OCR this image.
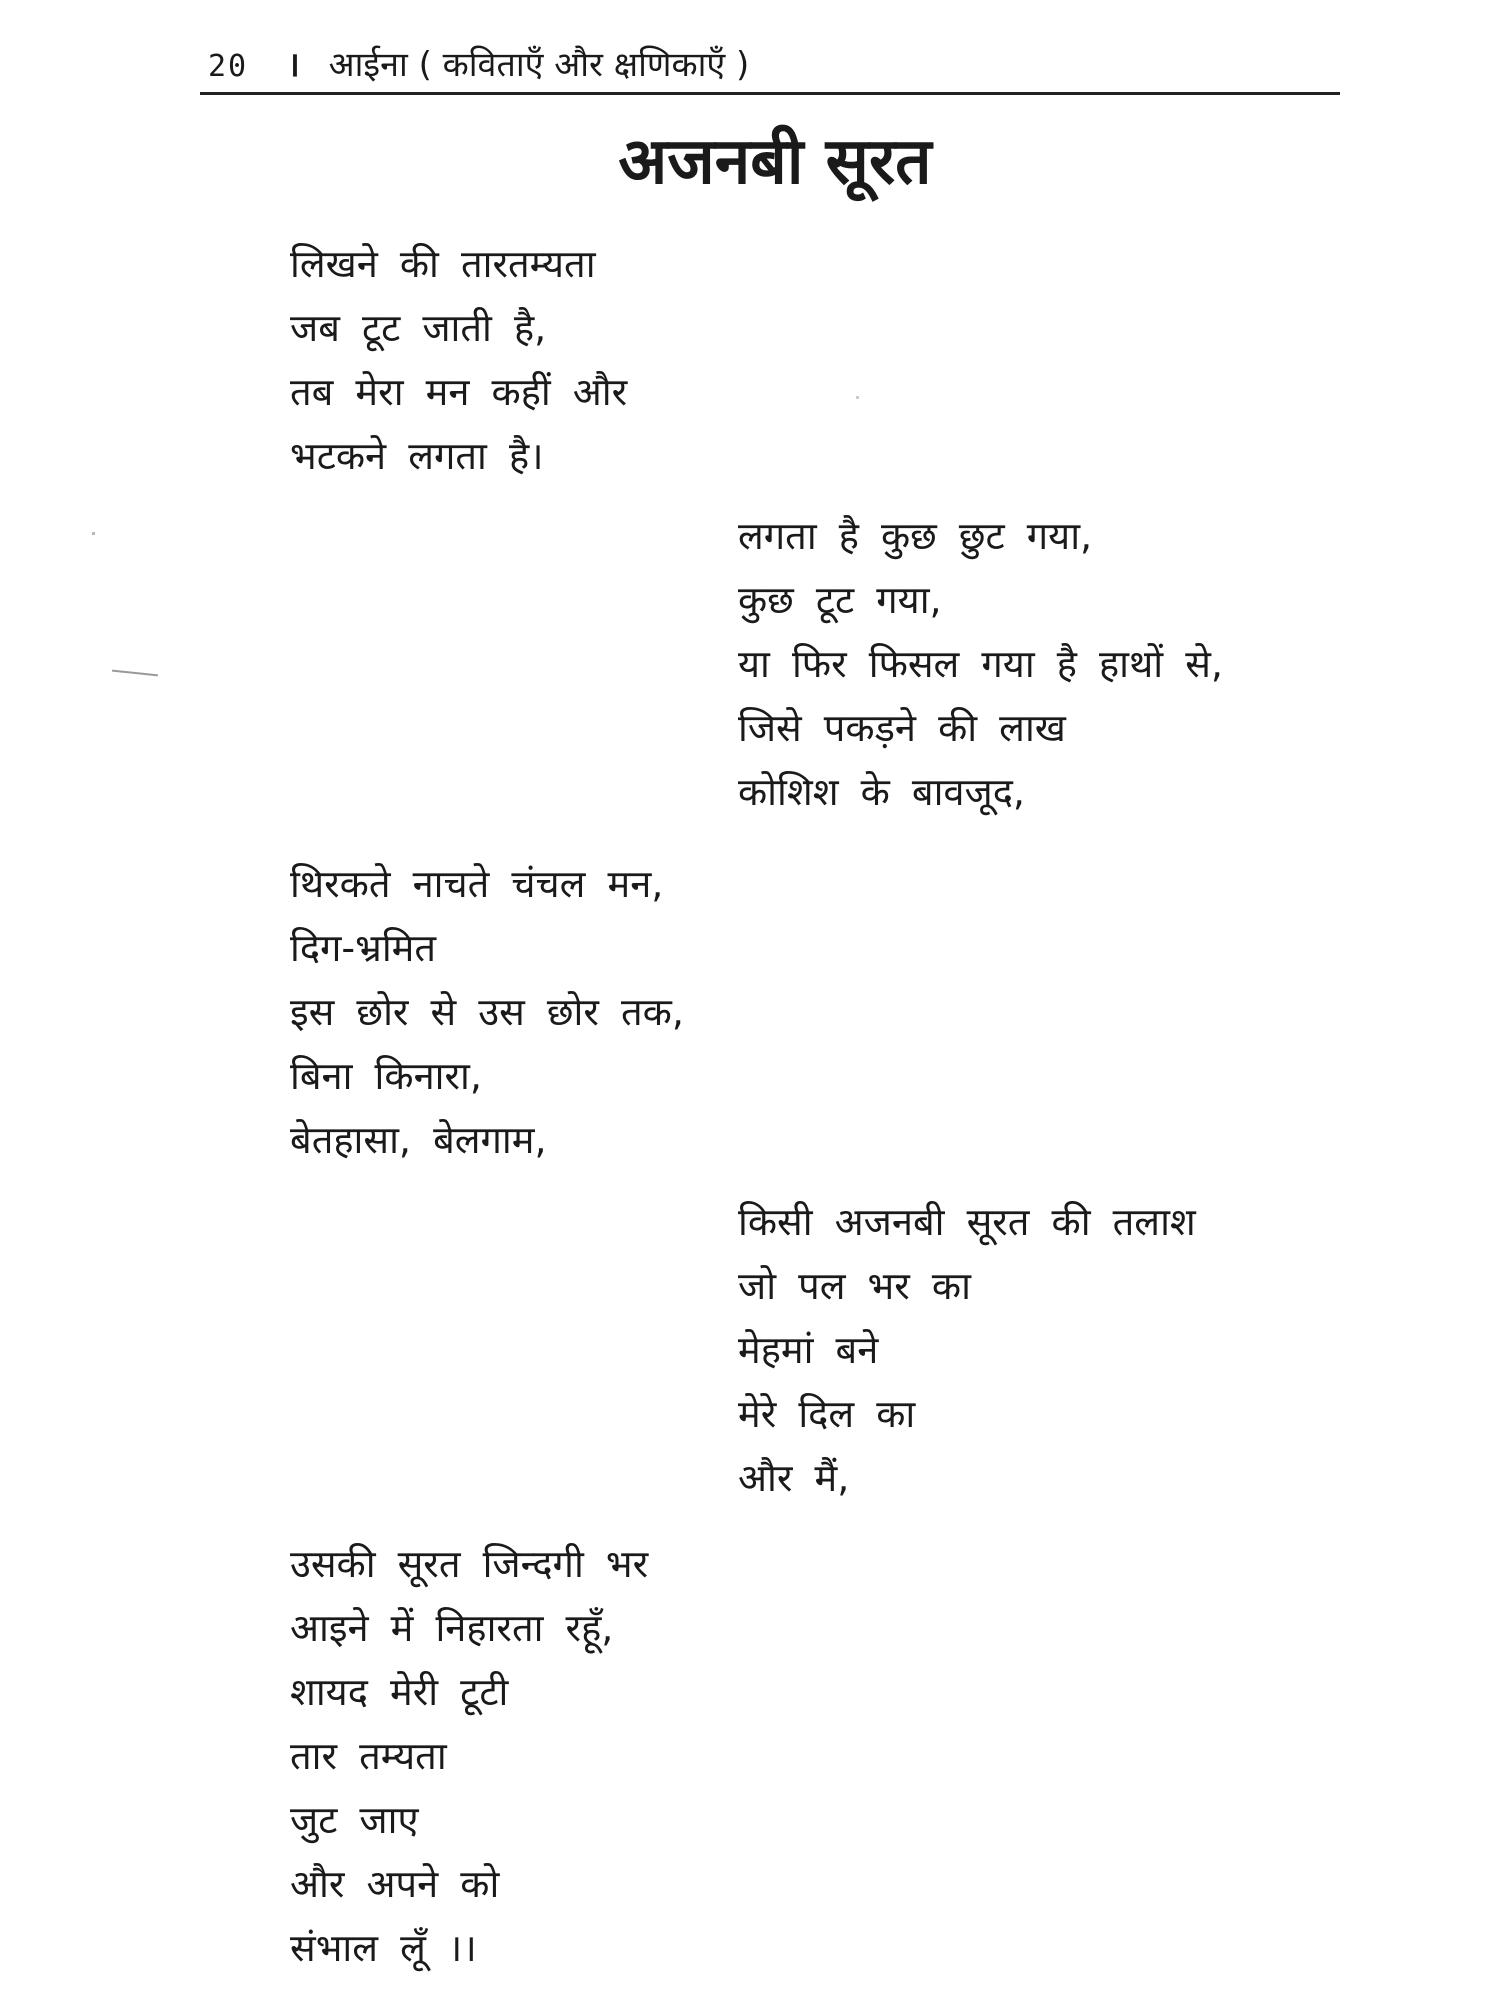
20 । आईना ( कविताएँ और क्षणिकाएँ )
अजनबी सूरत
लिखने की तारतम्यता
जब टूट जाती है,
तब मेरा मन कहीं और
भटकने लगता है।
लगता है कुछ छुट गया,
कुछ टूट गया,
या फिर फिसल गया है हाथों से,
जिसे पकड़ने की लाख
कोशिश के बावजूद,
थिरकते नाचते चंचल मन,
दिग-भ्रमित
इस छोर से उस छोर तक,
बिना किनारा,
बेतहासा, बेलगाम,
किसी अजनबी सूरत की तलाश
जो पल भर का
मेहमां बने
मेरे दिल का
और मैं,
उसकी सूरत जिन्दगी भर
आइने में निहारता रहूँ,
शायद मेरी टूटी
तार तम्यता
जुट जाए
और अपने को
संभाल लूँ ।।
